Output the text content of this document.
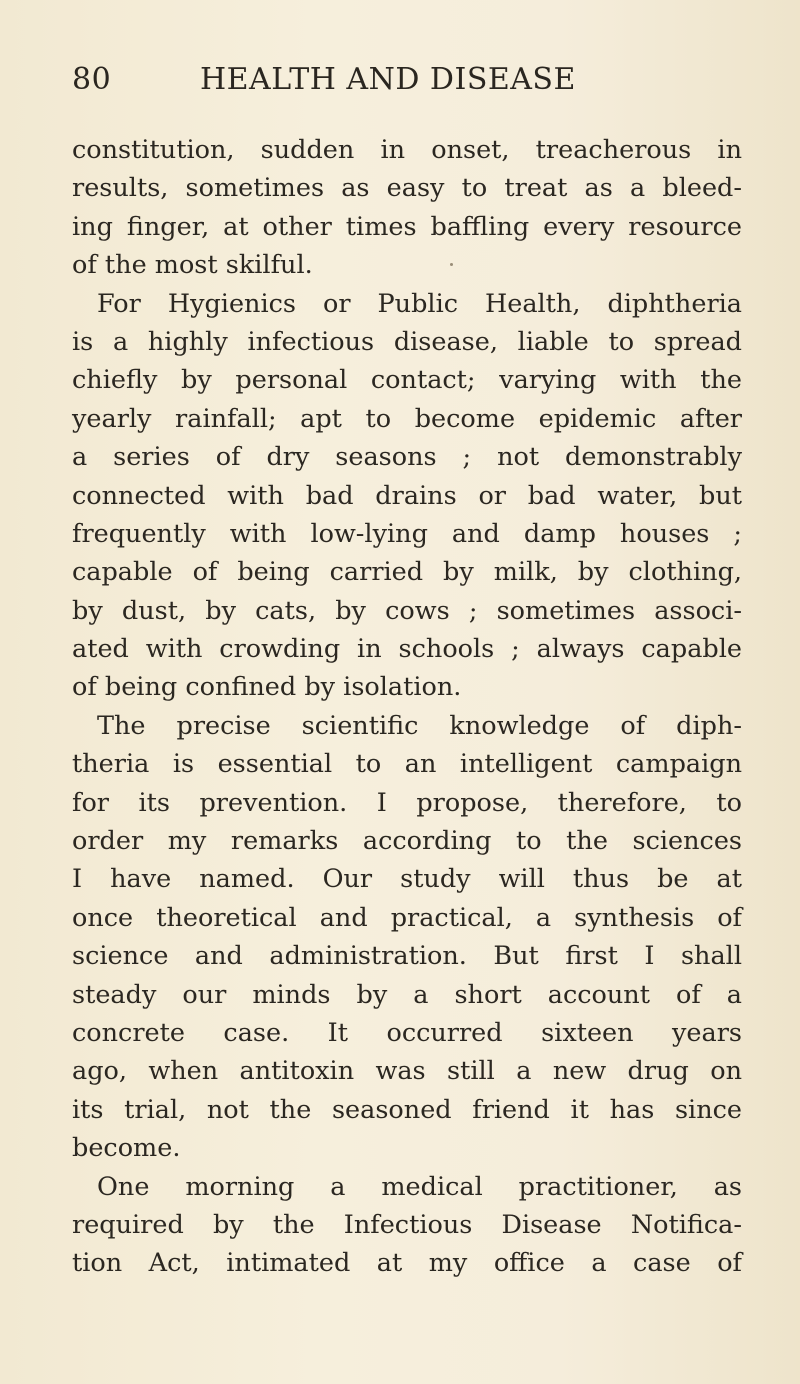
80	HEALTH AND DISEASE
constitution, sudden in onset, treacherous in
results, sometimes as easy to treat as a bleed-
ing finger, at other times baffling every resource
of the most skilful.
For Hygienics or Public Health, diphtheria
is a highly infectious disease, liable to spread
chiefly by personal contact; varying with the
yearly rainfall; apt to become epidemic after
a series of dry seasons ; not demonstrably
connected with bad drains or bad water, but
frequently with low-lying and damp houses ;
capable of being carried by milk, by clothing,
by dust, by cats, by cows ; sometimes associ-
ated with crowding in schools ; always capable
of being confined by isolation.
The precise scientific knowledge of diph-
theria is essential to an intelligent campaign
for its prevention. I propose, therefore, to
order my remarks according to the sciences
I have named. Our study will thus be at
once theoretical and practical, a synthesis of
science and administration. But first I shall
steady our minds by a short account of a
concrete case. It occurred sixteen years
ago, when antitoxin was still a new drug on
its trial, not the seasoned friend it has since
become.
One morning a medical practitioner, as
required by the Infectious Disease Notifica-
tion Act, intimated at my office a case of
